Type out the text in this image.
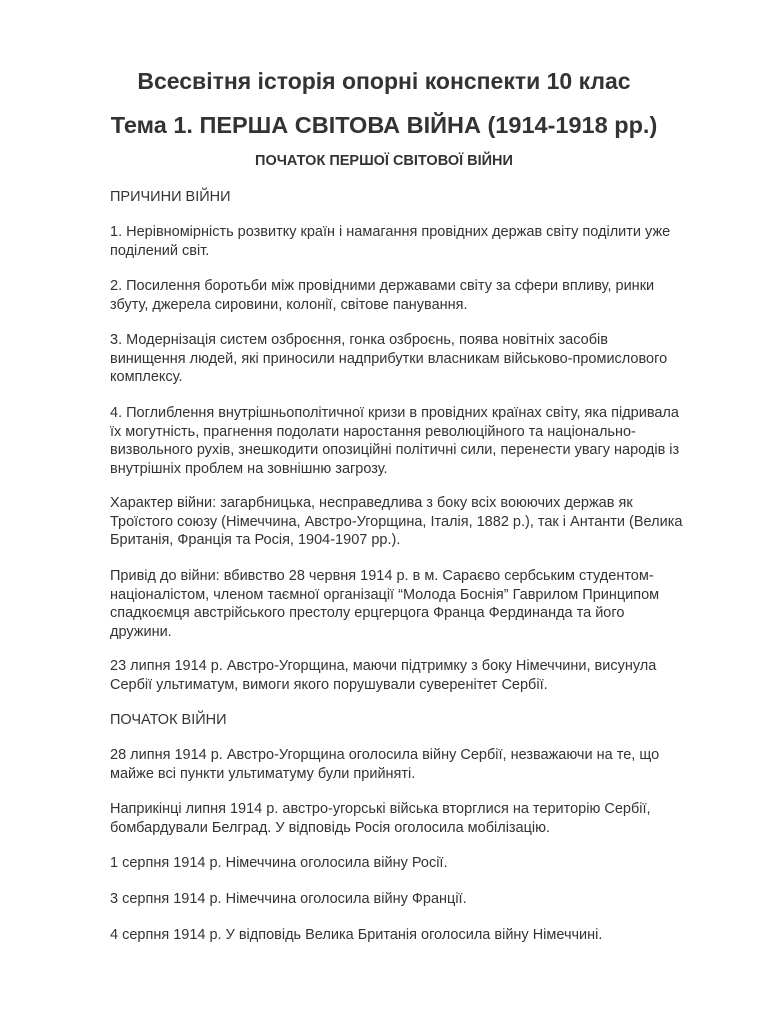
Всесвітня історія опорні конспекти 10 клас
Тема 1. ПЕРША СВІТОВА ВІЙНА (1914-1918 рр.)
ПОЧАТОК ПЕРШОЇ СВІТОВОЇ ВІЙНИ
ПРИЧИНИ ВІЙНИ

1. Нерівномірність розвитку країн і намагання провідних держав світу поділити уже
поділений світ.

2. Посилення боротьби між провідними державами світу за сфери впливу, ринки
збуту, джерела сировини, колонії, світове панування.

3. Модернізація систем озброєння, гонка озброєнь, поява новітніх засобів
винищення людей, які приносили надприбутки власникам військово-промислового
комплексу.

4. Поглиблення внутрішньополітичної кризи в провідних країнах світу, яка підривала
їх могутність, прагнення подолати наростання революційного та національно-
визвольного рухів, знешкодити опозиційні політичні сили, перенести увагу народів із
внутрішніх проблем на зовнішню загрозу.

Характер війни: загарбницька, несправедлива з боку всіх воюючих держав як
Троїстого союзу (Німеччина, Австро-Угорщина, Італія, 1882 р.), так і Антанти (Велика
Британія, Франція та Росія, 1904-1907 рр.).

Привід до війни: вбивство 28 червня 1914 р. в м. Сараєво сербським студентом-
націоналістом, членом таємної організації “Молода Боснія” Гаврилом Принципом
спадкоємця австрійського престолу ерцгерцога Франца Фердинанда та його
дружини.

23 липня 1914 р. Австро-Угорщина, маючи підтримку з боку Німеччини, висунула
Сербії ультиматум, вимоги якого порушували суверенітет Сербії.

ПОЧАТОК ВІЙНИ

28 липня 1914 р. Австро-Угорщина оголосила війну Сербії, незважаючи на те, що
майже всі пункти ультиматуму були прийняті.

Наприкінці липня 1914 р. австро-угорські війська вторглися на територію Сербії,
бомбардували Белград. У відповідь Росія оголосила мобілізацію.

1 серпня 1914 р. Німеччина оголосила війну Росії.

3 серпня 1914 р. Німеччина оголосила війну Франції.

4 серпня 1914 р. У відповідь Велика Британія оголосила війну Німеччині.
